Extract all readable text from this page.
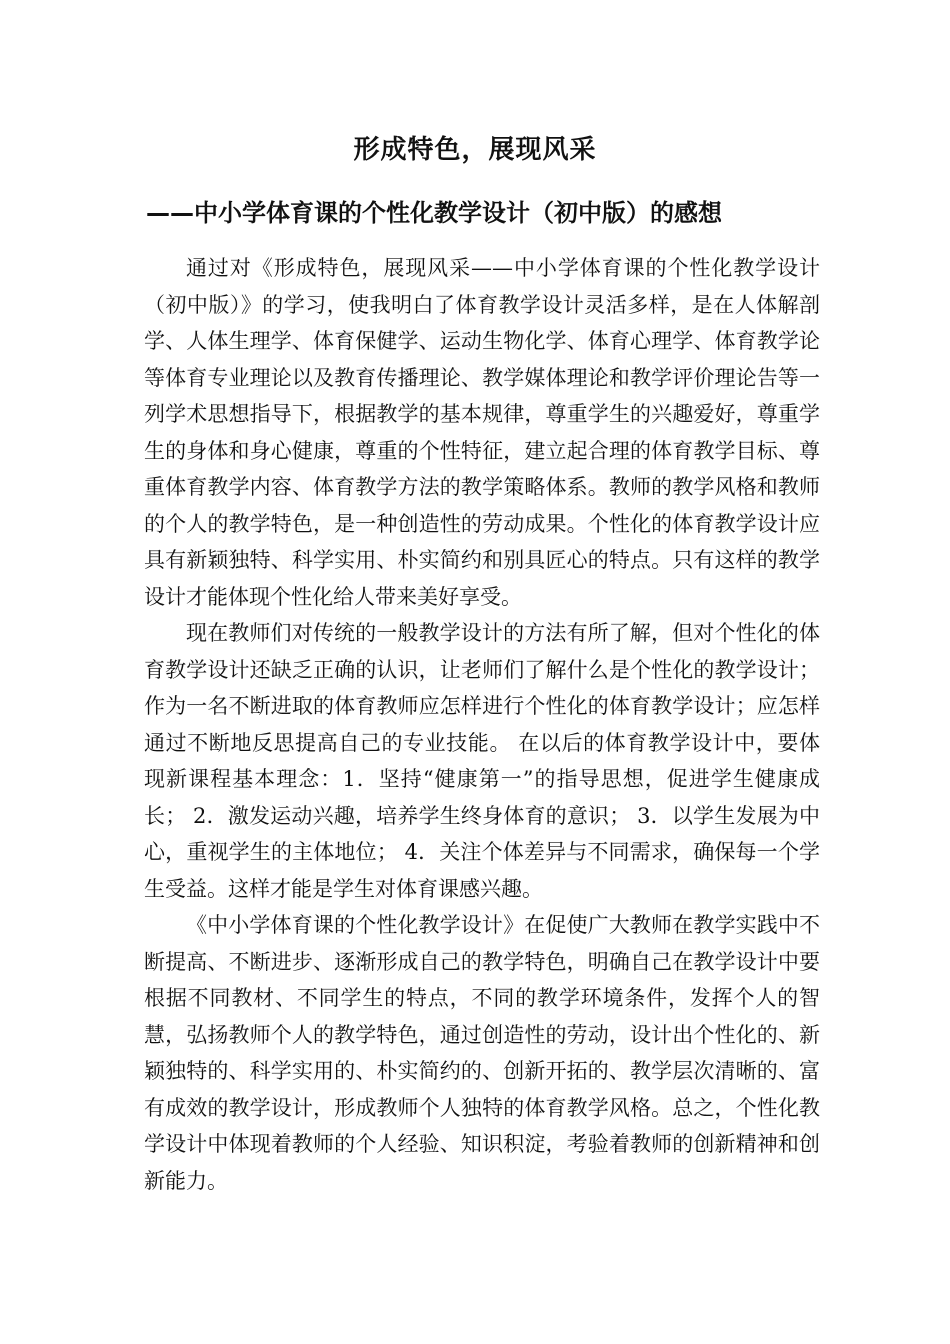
形成特色，展现风采
——中小学体育课的个性化教学设计（初中版）的感想

通过对《形成特色，展现风采——中小学体育课的个性化教学设计（初中版）》的学习，使我明白了体育教学设计灵活多样，是在人体解剖学、人体生理学、体育保健学、运动生物化学、体育心理学、体育教学论等体育专业理论以及教育传播理论、教学媒体理论和教学评价理论告等一列学术思想指导下，根据教学的基本规律，尊重学生的兴趣爱好，尊重学生的身体和身心健康，尊重的个性特征，建立起合理的体育教学目标、尊重体育教学内容、体育教学方法的教学策略体系。教师的教学风格和教师的个人的教学特色，是一种创造性的劳动成果。个性化的体育教学设计应具有新颖独特、科学实用、朴实简约和别具匠心的特点。只有这样的教学设计才能体现个性化给人带来美好享受。

现在教师们对传统的一般教学设计的方法有所了解，但对个性化的体育教学设计还缺乏正确的认识，让老师们了解什么是个性化的教学设计；作为一名不断进取的体育教师应怎样进行个性化的体育教学设计；应怎样通过不断地反思提高自己的专业技能。 在以后的体育教学设计中，要体现新课程基本理念：1．坚持“健康第一”的指导思想，促进学生健康成长； 2．激发运动兴趣，培养学生终身体育的意识； 3．以学生发展为中心，重视学生的主体地位； 4．关注个体差异与不同需求，确保每一个学生受益。这样才能是学生对体育课感兴趣。

《中小学体育课的个性化教学设计》在促使广大教师在教学实践中不断提高、不断进步、逐渐形成自己的教学特色，明确自己在教学设计中要根据不同教材、不同学生的特点，不同的教学环境条件，发挥个人的智慧，弘扬教师个人的教学特色，通过创造性的劳动，设计出个性化的、新颖独特的、科学实用的、朴实简约的、创新开拓的、教学层次清晰的、富有成效的教学设计，形成教师个人独特的体育教学风格。总之，个性化教学设计中体现着教师的个人经验、知识积淀，考验着教师的创新精神和创新能力。
